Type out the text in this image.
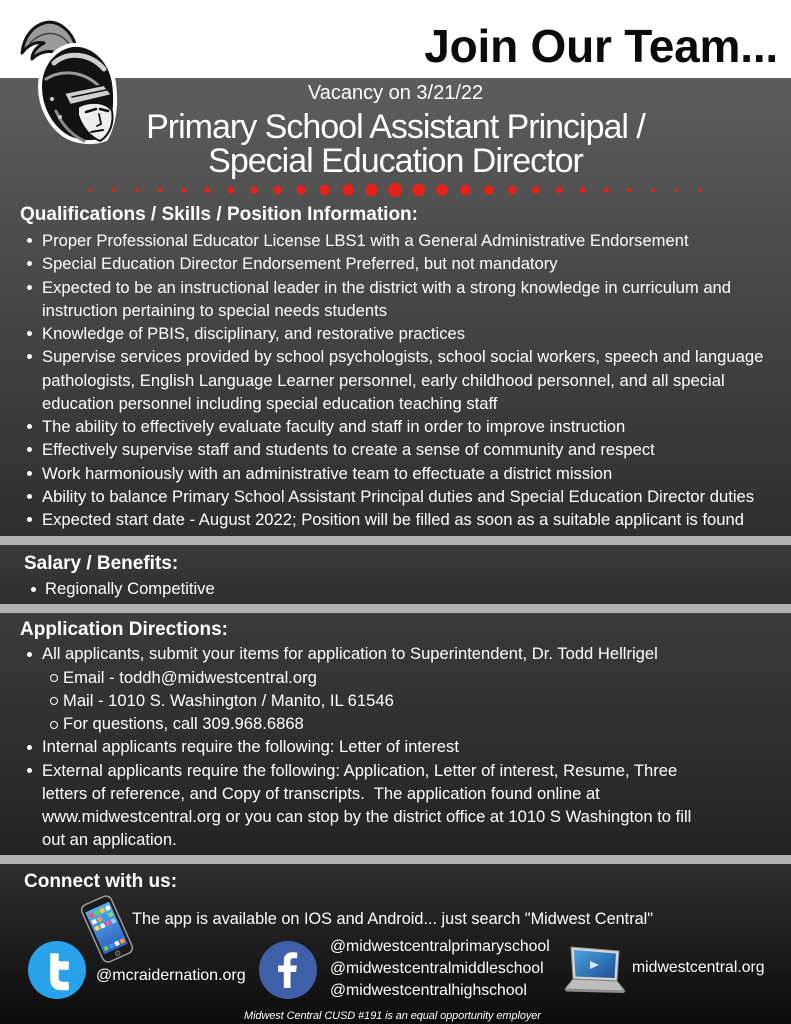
Join Our Team...
Vacancy on 3/21/22
Primary School Assistant Principal /
Special Education Director
Qualifications / Skills / Position Information:
Proper Professional Educator License LBS1 with a General Administrative Endorsement
Special Education Director Endorsement Preferred, but not mandatory
Expected to be an instructional leader in the district with a strong knowledge in curriculum and
instruction pertaining to special needs students
Knowledge of PBIS, disciplinary, and restorative practices
Supervise services provided by school psychologists, school social workers, speech and language
pathologists, English Language Learner personnel, early childhood personnel, and all special
education personnel including special education teaching staff
The ability to effectively evaluate faculty and staff in order to improve instruction
Effectively supervise staff and students to create a sense of community and respect
Work harmoniously with an administrative team to effectuate a district mission
Ability to balance Primary School Assistant Principal duties and Special Education Director duties
Expected start date - August 2022; Position will be filled as soon as a suitable applicant is found
Salary / Benefits:
Regionally Competitive
Application Directions:
All applicants, submit your items for application to Superintendent, Dr. Todd Hellrigel
Email - toddh@midwestcentral.org
Mail - 1010 S. Washington / Manito, IL 61546
For questions, call 309.968.6868
Internal applicants require the following: Letter of interest
External applicants require the following: Application, Letter of interest, Resume, Three
letters of reference, and Copy of transcripts.  The application found online at
www.midwestcentral.org or you can stop by the district office at 1010 S Washington to fill
out an application.
Connect with us:
The app is available on IOS and Android... just search "Midwest Central"
@mcraidernation.org
@midwestcentralprimaryschool
@midwestcentralmiddleschool
@midwestcentralhighschool
midwestcentral.org
Midwest Central CUSD #191 is an equal opportunity employer
